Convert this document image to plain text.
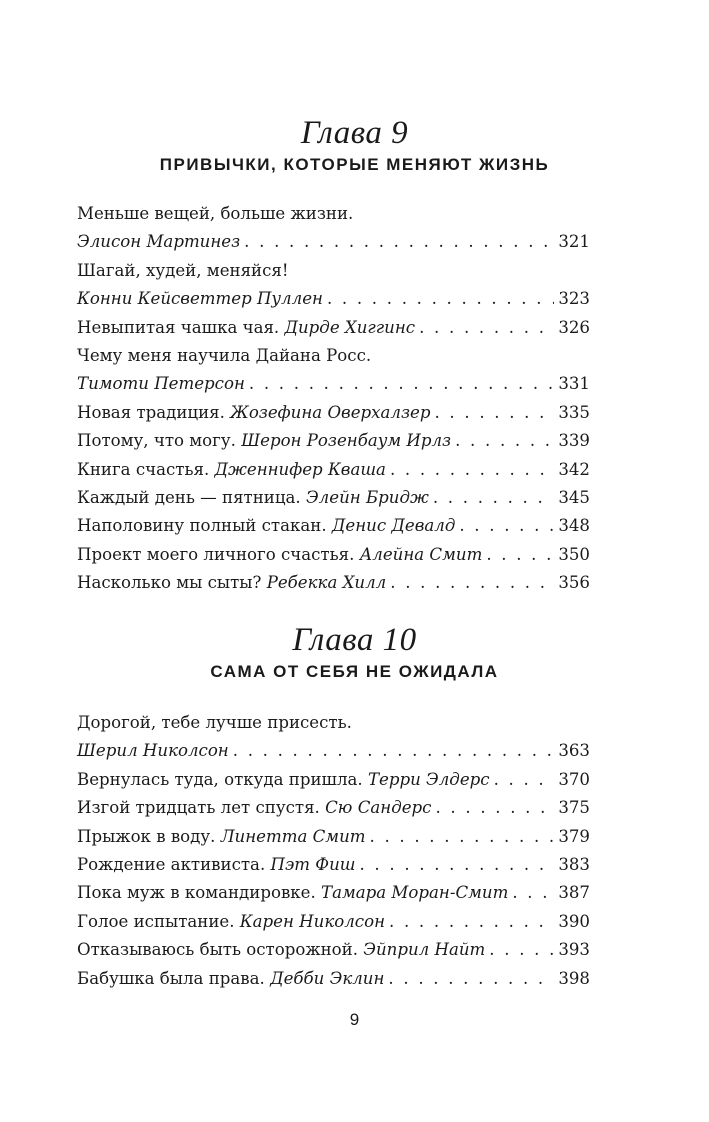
Глава 9
ПРИВЫЧКИ, КОТОРЫЕ МЕНЯЮТ ЖИЗНЬ
Меньше вещей, больше жизни.
Элисон Мартинез . . .	321
Шагай, худей, меняйся!
Конни Кейсветтер Пуллен . . .	323
Невыпитая чашка чая. Дирде Хиггинс . . .	326
Чему меня научила Дайана Росс.
Тимоти Петерсон . . .	331
Новая традиция. Жозефина Оверхалзер . . .	335
Потому, что могу. Шерон Розенбаум Ирлз . . .	339
Книга счастья. Дженнифер Кваша . . .	342
Каждый день — пятница. Элейн Бридж . . .	345
Наполовину полный стакан. Денис Девалд . . .	348
Проект моего личного счастья. Алейна Смит . . .	350
Насколько мы сыты? Ребекка Хилл . . .	356
Глава 10
САМА ОТ СЕБЯ НЕ ОЖИДАЛА
Дорогой, тебе лучше присесть.
Шерил Николсон . . .	363
Вернулась туда, откуда пришла. Терри Элдерс . . .	370
Изгой тридцать лет спустя. Сю Сандерс . . .	375
Прыжок в воду. Линетта Смит . . .	379
Рождение активиста. Пэт Фиш . . .	383
Пока муж в командировке. Тамара Моран-Смит . . .	387
Голое испытание. Карен Николсон . . .	390
Отказываюсь быть осторожной. Эйприл Найт . . .	393
Бабушка была права. Дебби Эклин . . .	398
9
